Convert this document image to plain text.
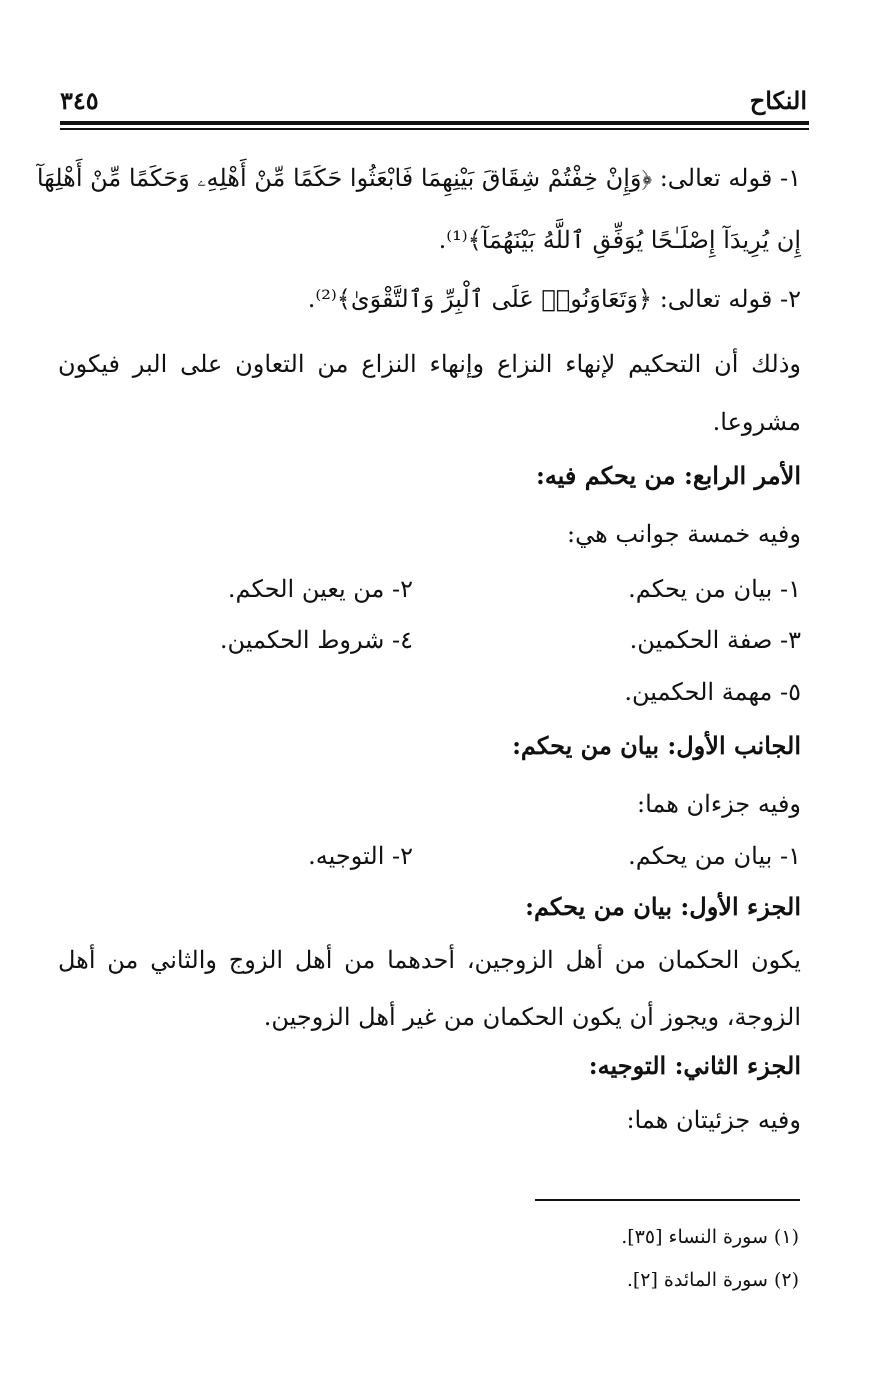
النكاح
٣٤٥
١- قوله تعالى: ﴿وَإِنْ خِفْتُمْ شِقَاقَ بَيْنِهِمَا فَابْعَثُوا حَكَمًا مِّنْ أَهْلِهِۦ وَحَكَمًا مِّنْ أَهْلِهَآ
إِن يُرِيدَآ إِصْلَـٰحًا يُوَفِّقِ ٱللَّهُ بَيْنَهُمَآ﴾⁽¹⁾.
٢- قوله تعالى: ﴿وَتَعَاوَنُوا۟ عَلَى ٱلْبِرِّ وَٱلتَّقْوَىٰ﴾⁽²⁾.
وذلك أن التحكيم لإنهاء النزاع وإنهاء النزاع من التعاون على البر فيكون
مشروعا.
الأمر الرابع: من يحكم فيه:
وفيه خمسة جوانب هي:
١- بيان من يحكم.
٢- من يعين الحكم.
٣- صفة الحكمين.
٤- شروط الحكمين.
٥- مهمة الحكمين.
الجانب الأول: بيان من يحكم:
وفيه جزءان هما:
١- بيان من يحكم.
٢- التوجيه.
الجزء الأول: بيان من يحكم:
يكون الحكمان من أهل الزوجين، أحدهما من أهل الزوج والثاني من أهل
الزوجة، ويجوز أن يكون الحكمان من غير أهل الزوجين.
الجزء الثاني: التوجيه:
وفيه جزئيتان هما:
(١) سورة النساء [٣٥].
(٢) سورة المائدة [٢].
